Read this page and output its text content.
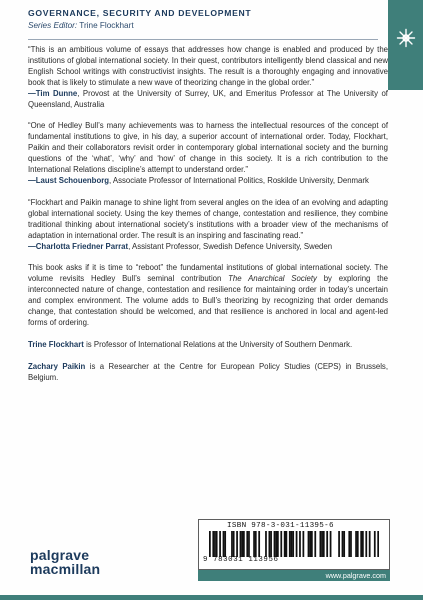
GOVERNANCE, SECURITY AND DEVELOPMENT
Series Editor: Trine Flockhart
“This is an ambitious volume of essays that addresses how change is enabled and produced by the institutions of global international society. In their quest, contributors intelligently blend classical and new English School writings with constructivist insights. The result is a thoroughly engaging and innovative book that is likely to stimulate a new wave of theorizing change in the global order.”
—Tim Dunne, Provost at the University of Surrey, UK, and Emeritus Professor at The University of Queensland, Australia
“One of Hedley Bull’s many achievements was to harness the intellectual resources of the concept of fundamental institutions to give, in his day, a superior account of international order. Today, Flockhart, Paikin and their collaborators revisit order in contemporary global international society and the burning questions of the ‘what’, ‘why’ and ‘how’ of change in this society. It is a rich contribution to the International Relations discipline’s attempt to understand order.”
—Laust Schouenborg, Associate Professor of International Politics, Roskilde University, Denmark
“Flockhart and Paikin manage to shine light from several angles on the idea of an evolving and adapting global international society. Using the key themes of change, contestation and resilience, they combine traditional thinking about international society’s institutions with a broader view of the mechanisms of adaptation in international order. The result is an inspiring and fascinating read.”
—Charlotta Friedner Parrat, Assistant Professor, Swedish Defence University, Sweden
This book asks if it is time to “reboot” the fundamental institutions of global international society. The volume revisits Hedley Bull’s seminal contribution The Anarchical Society by exploring the interconnected nature of change, contestation and resilience for maintaining order in today’s uncertain and complex environment. The volume adds to Bull’s theorizing by recognizing that order demands change, that contestation should be welcomed, and that resilience is anchored in local and agent-led forms of ordering.
Trine Flockhart is Professor of International Relations at the University of Southern Denmark.
Zachary Paikin is a Researcher at the Centre for European Policy Studies (CEPS) in Brussels, Belgium.
palgrave
macmillan
ISBN 978-3-031-11395-6
9 783031 113956
www.palgrave.com
